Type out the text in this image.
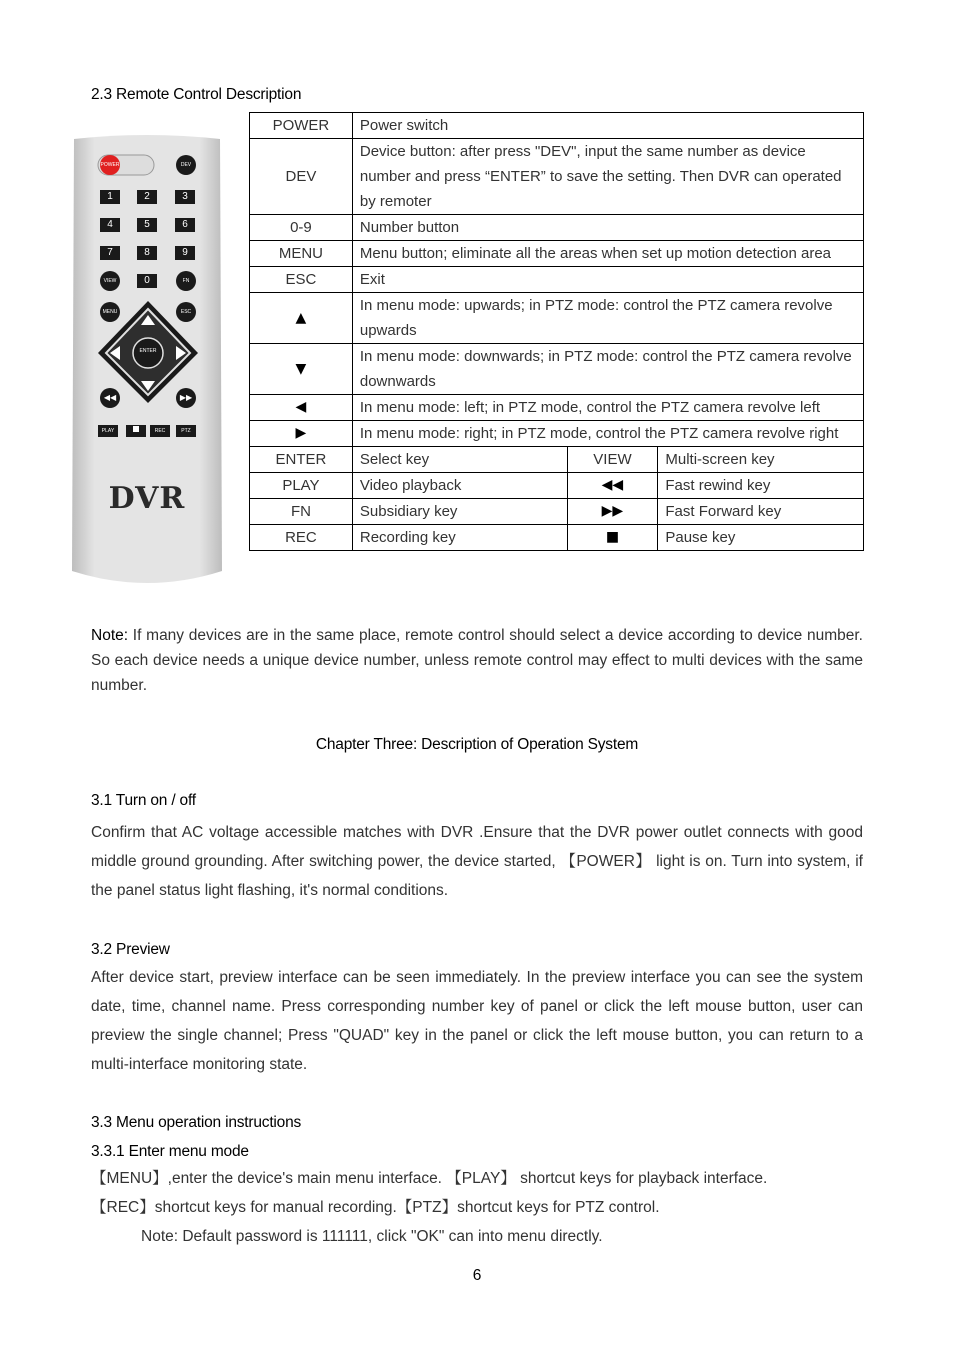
2.3 Remote Control Description
POWER	DEV
1	2	3
4	5	6
7	8	9
VIEW	0	FN
MENU	ESC
ENTER
◀◀	▶▶
PLAY	REC	PTZ
DVR
POWER	Power switch		
DEV	Device button: after press "DEV", input the same number as device number and press “ENTER” to save the setting. Then DVR can operated by remoter		
0-9	Number button		
MENU	Menu button; eliminate all the areas when set up motion detection area		
ESC	Exit		
▲	In menu mode: upwards; in PTZ mode: control the PTZ camera revolve upwards		
▼	In menu mode: downwards; in PTZ mode: control the PTZ camera revolve downwards		
◀	In menu mode: left; in PTZ mode, control the PTZ camera revolve left		
▶	In menu mode: right; in PTZ mode, control the PTZ camera revolve right		
ENTER	Select key	VIEW	Multi-screen key
PLAY	Video playback	◀◀	Fast rewind key
FN	Subsidiary key	▶▶	Fast Forward key
REC	Recording key	■	Pause key
Note: If many devices are in the same place, remote control should select a device according to device number. So each device needs a unique device number, unless remote control may effect to multi devices with the same number.
Chapter Three: Description of Operation System
3.1 Turn on / off
Confirm that AC voltage accessible matches with DVR .Ensure that the DVR power outlet connects with good middle ground grounding. After switching power, the device started, 【POWER】 light is on. Turn into system, if the panel status light flashing, it's normal conditions.
3.2 Preview
After device start, preview interface can be seen immediately. In the preview interface you can see the system date, time, channel name. Press corresponding number key of panel or click the left mouse button, user can preview the single channel; Press "QUAD" key in the panel or click the left mouse button, you can return to a multi-interface monitoring state.
3.3 Menu operation instructions
3.3.1 Enter menu mode
【MENU】,enter the device's main menu interface. 【PLAY】 shortcut keys for playback interface.
【REC】shortcut keys for manual recording.【PTZ】shortcut keys for PTZ control.
Note: Default password is 111111, click "OK" can into menu directly.
6
